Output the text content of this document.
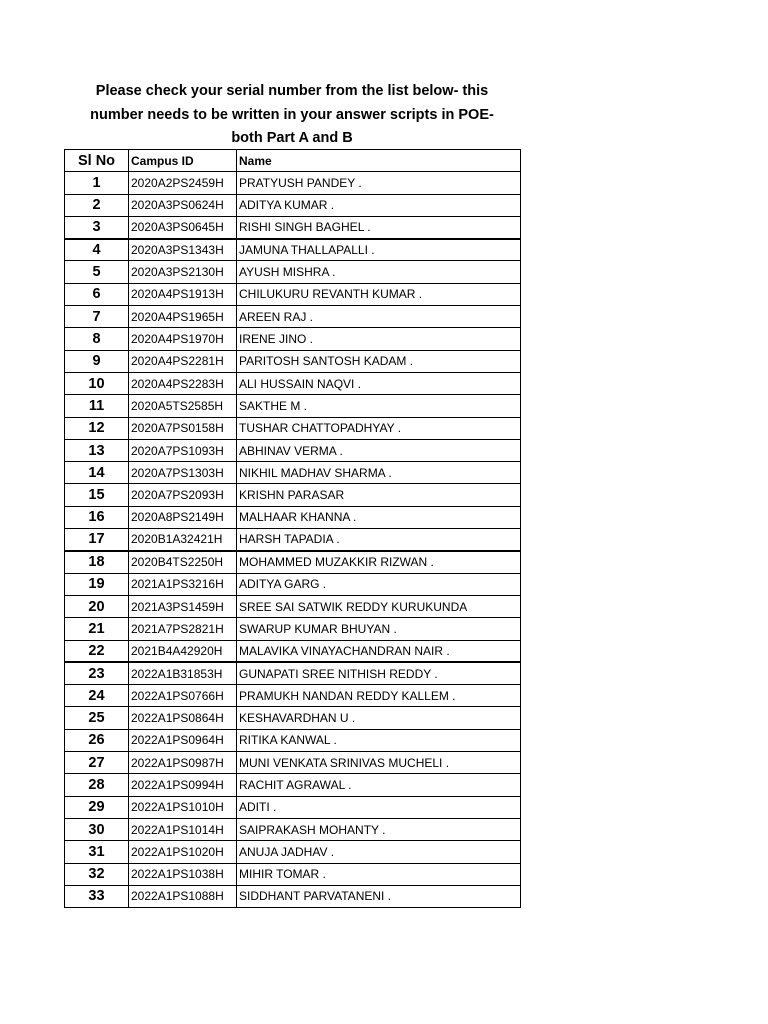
Please check your serial number from the list below- this
number needs to be written in your answer scripts in POE-
both Part A and B
Sl No	Campus ID	Name
1	2020A2PS2459H	PRATYUSH PANDEY .
2	2020A3PS0624H	ADITYA KUMAR .
3	2020A3PS0645H	RISHI SINGH BAGHEL .
4	2020A3PS1343H	JAMUNA THALLAPALLI .
5	2020A3PS2130H	AYUSH MISHRA .
6	2020A4PS1913H	CHILUKURU REVANTH KUMAR .
7	2020A4PS1965H	AREEN RAJ .
8	2020A4PS1970H	IRENE JINO .
9	2020A4PS2281H	PARITOSH SANTOSH KADAM .
10	2020A4PS2283H	ALI HUSSAIN NAQVI .
11	2020A5TS2585H	SAKTHE M .
12	2020A7PS0158H	TUSHAR CHATTOPADHYAY .
13	2020A7PS1093H	ABHINAV VERMA .
14	2020A7PS1303H	NIKHIL MADHAV SHARMA .
15	2020A7PS2093H	KRISHN PARASAR
16	2020A8PS2149H	MALHAAR KHANNA .
17	2020B1A32421H	HARSH TAPADIA .
18	2020B4TS2250H	MOHAMMED MUZAKKIR RIZWAN .
19	2021A1PS3216H	ADITYA GARG .
20	2021A3PS1459H	SREE SAI SATWIK REDDY KURUKUNDA
21	2021A7PS2821H	SWARUP KUMAR BHUYAN .
22	2021B4A42920H	MALAVIKA VINAYACHANDRAN NAIR .
23	2022A1B31853H	GUNAPATI SREE NITHISH REDDY .
24	2022A1PS0766H	PRAMUKH NANDAN REDDY KALLEM .
25	2022A1PS0864H	KESHAVARDHAN U .
26	2022A1PS0964H	RITIKA KANWAL .
27	2022A1PS0987H	MUNI VENKATA SRINIVAS MUCHELI .
28	2022A1PS0994H	RACHIT AGRAWAL .
29	2022A1PS1010H	ADITI .
30	2022A1PS1014H	SAIPRAKASH MOHANTY .
31	2022A1PS1020H	ANUJA JADHAV .
32	2022A1PS1038H	MIHIR TOMAR .
33	2022A1PS1088H	SIDDHANT PARVATANENI .
